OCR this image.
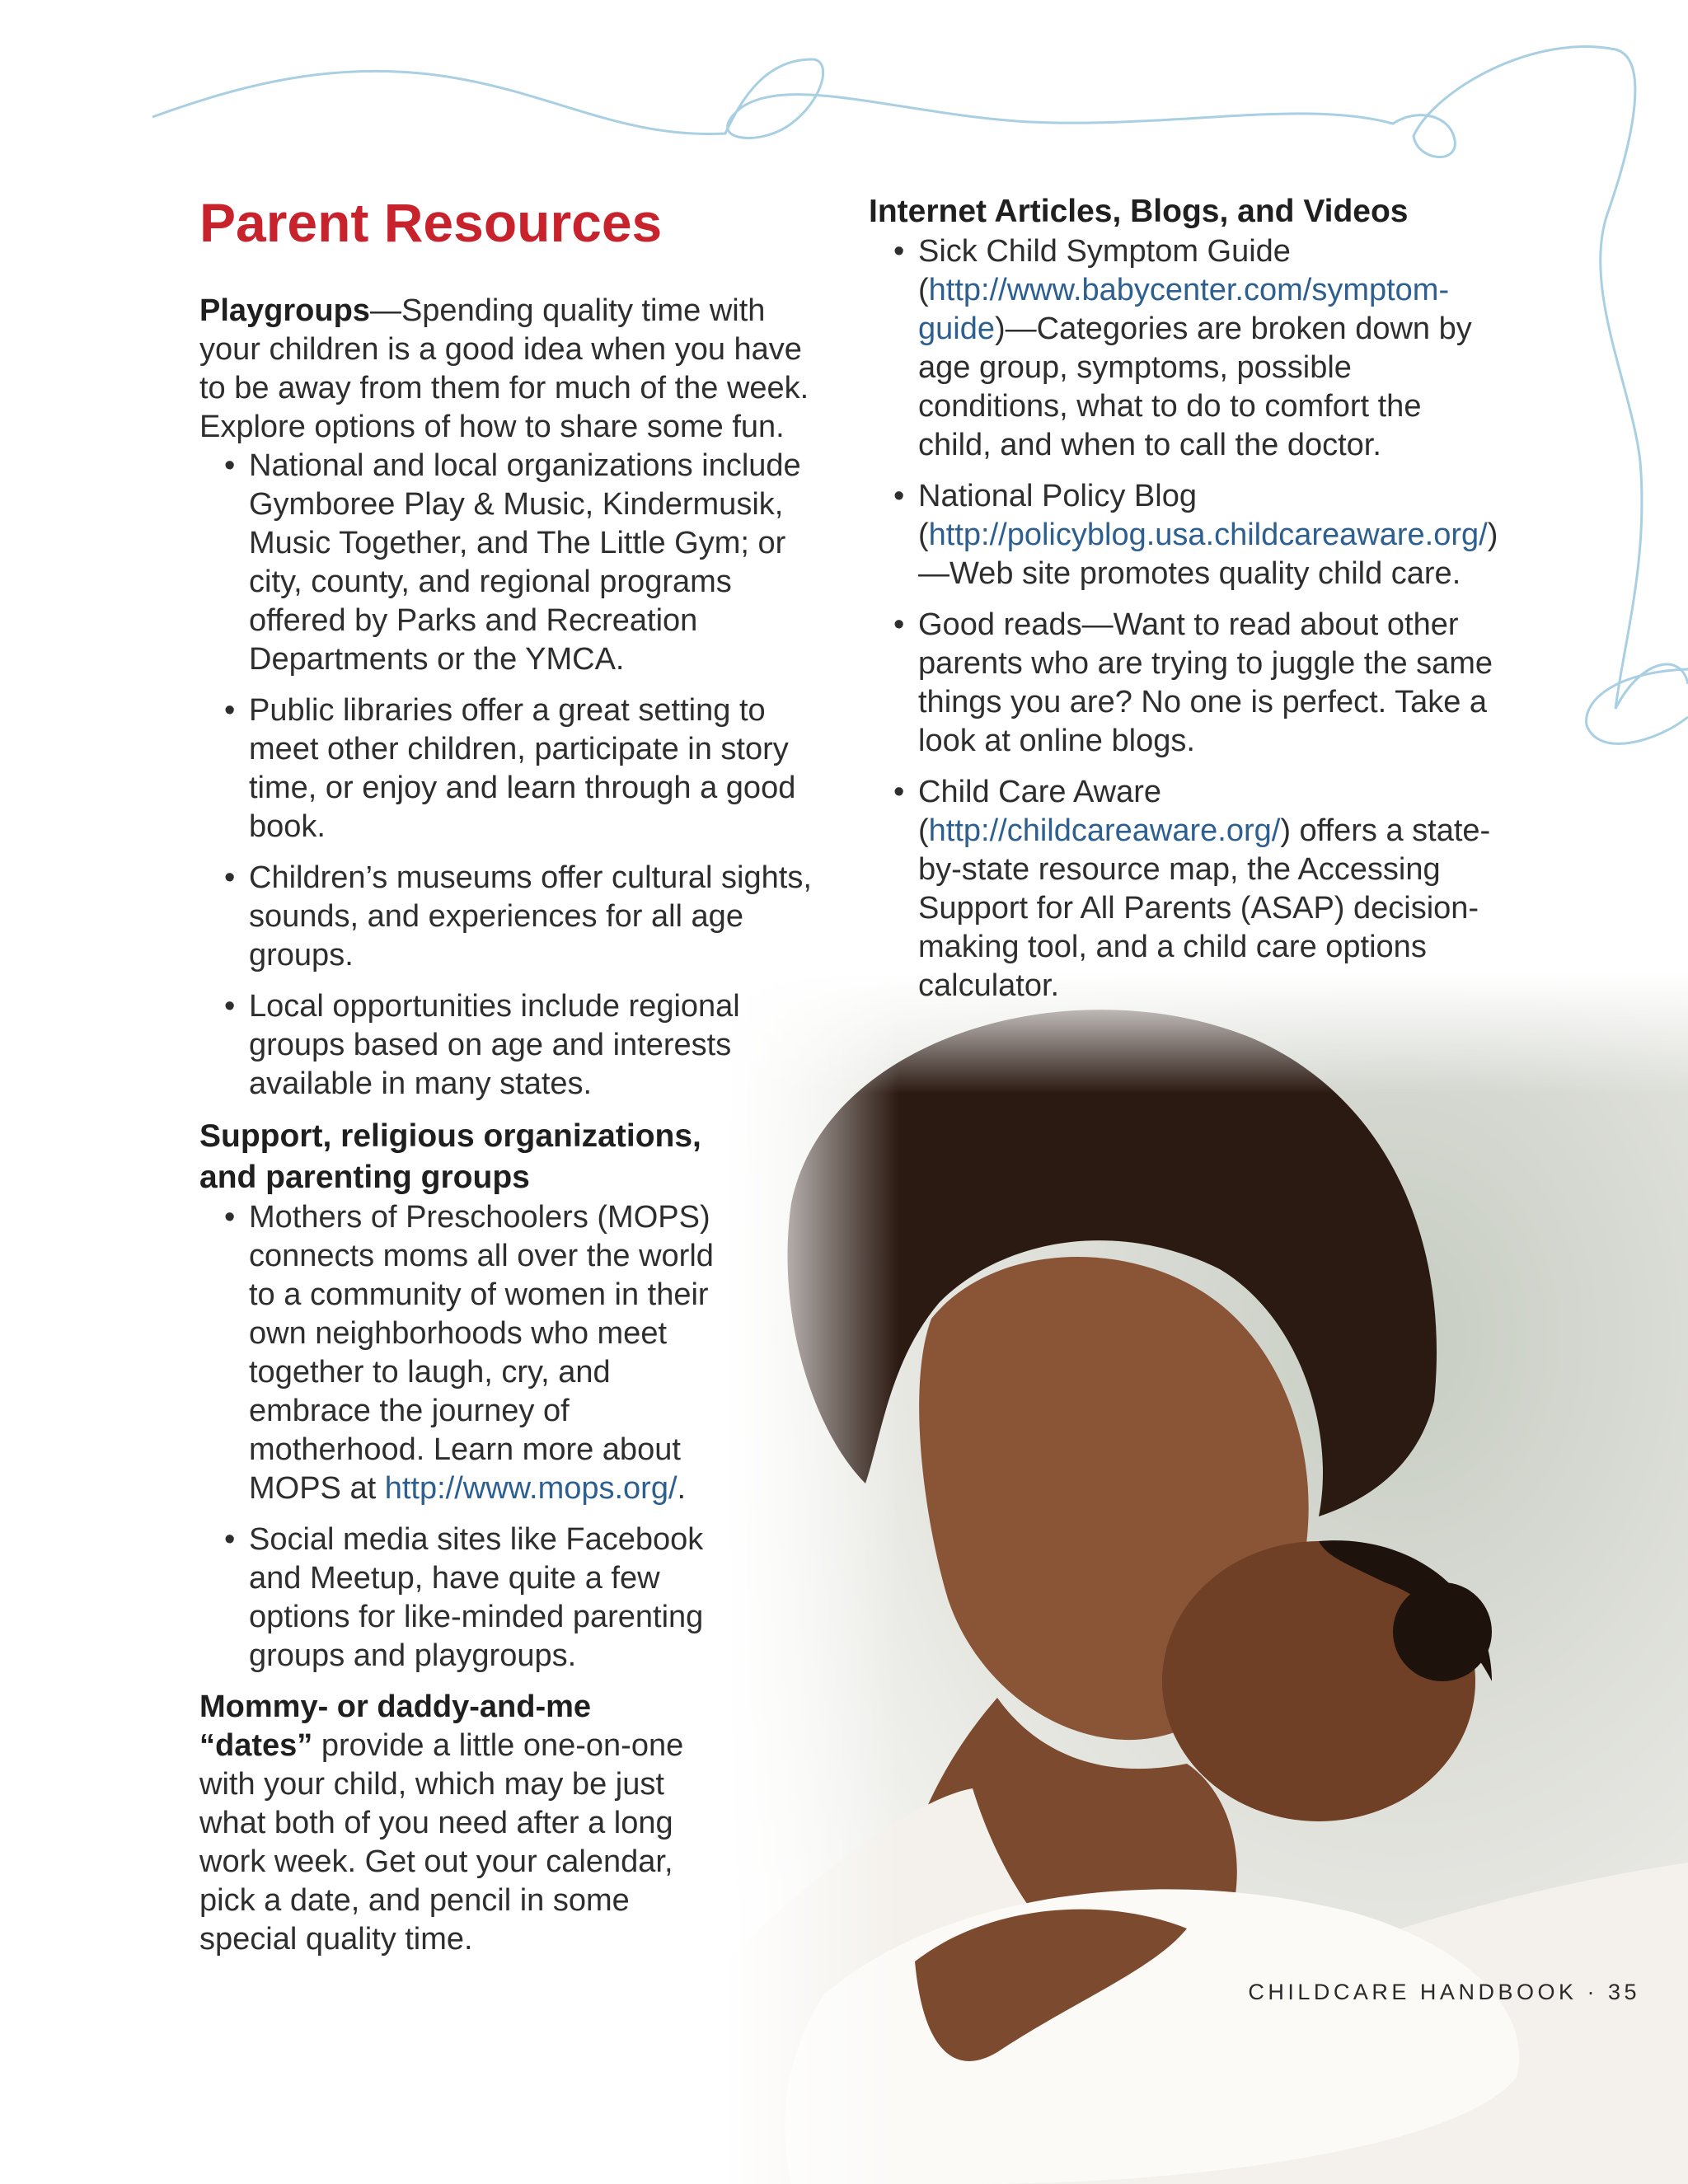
Parent Resources

Playgroups—Spending quality time with your children is a good idea when you have to be away from them for much of the week. Explore options of how to share some fun.

• National and local organizations include Gymboree Play & Music, Kindermusik, Music Together, and The Little Gym; or city, county, and regional programs offered by Parks and Recreation Departments or the YMCA.
• Public libraries offer a great setting to meet other children, participate in story time, or enjoy and learn through a good book.
• Children’s museums offer cultural sights, sounds, and experiences for all age groups.
• Local opportunities include regional groups based on age and interests available in many states.
Support, religious organizations, and parenting groups
• Mothers of Preschoolers (MOPS) connects moms all over the world to a community of women in their own neighborhoods who meet together to laugh, cry, and embrace the journey of motherhood. Learn more about MOPS at http://www.mops.org/.
• Social media sites like Facebook and Meetup, have quite a few options for like-minded parenting groups and playgroups.

Mommy- or daddy-and-me “dates” provide a little one-on-one with your child, which may be just what both of you need after a long work week. Get out your calendar, pick a date, and pencil in some special quality time.

Internet Articles, Blogs, and Videos
• Sick Child Symptom Guide (http://www.babycenter.com/symptom-guide)—Categories are broken down by age group, symptoms, possible conditions, what to do to comfort the child, and when to call the doctor.
• National Policy Blog (http://policyblog.usa.childcareaware.org/)—Web site promotes quality child care.
• Good reads—Want to read about other parents who are trying to juggle the same things you are? No one is perfect. Take a look at online blogs.
• Child Care Aware (http://childcareaware.org/) offers a state-by-state resource map, the Accessing Support for All Parents (ASAP) decision-making tool, and a child care options calculator.
CHILDCARE HANDBOOK · 35
